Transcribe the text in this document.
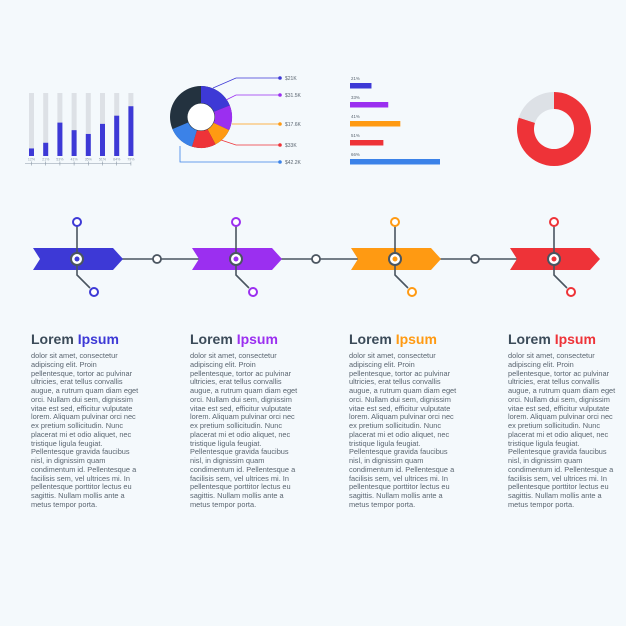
12% 21% 53% 41% 35% 51% 64% 79%
$21K
$31.5K
$17.6K
$33K
$42.2K
21%
33%
41%
51%
66%
Lorem Ipsum

dolor sit amet, consectetur adipiscing elit. Proin pellentesque, tortor ac pulvinar ultricies, erat tellus convallis augue, a rutrum quam diam eget orci. Nullam dui sem, dignissim vitae est sed, efficitur vulputate lorem. Aliquam pulvinar orci nec ex pretium sollicitudin. Nunc placerat mi et odio aliquet, nec tristique ligula feugiat. Pellentesque gravida faucibus nisl, in dignissim quam condimentum id. Pellentesque a facilisis sem, vel ultrices mi. In pellentesque porttitor lectus eu sagittis. Nullam mollis ante a metus tempor porta.

Lorem Ipsum

dolor sit amet, consectetur adipiscing elit. Proin pellentesque, tortor ac pulvinar ultricies, erat tellus convallis augue, a rutrum quam diam eget orci. Nullam dui sem, dignissim vitae est sed, efficitur vulputate lorem. Aliquam pulvinar orci nec ex pretium sollicitudin. Nunc placerat mi et odio aliquet, nec tristique ligula feugiat. Pellentesque gravida faucibus nisl, in dignissim quam condimentum id. Pellentesque a facilisis sem, vel ultrices mi. In pellentesque porttitor lectus eu sagittis. Nullam mollis ante a metus tempor porta.

Lorem Ipsum

dolor sit amet, consectetur adipiscing elit. Proin pellentesque, tortor ac pulvinar ultricies, erat tellus convallis augue, a rutrum quam diam eget orci. Nullam dui sem, dignissim vitae est sed, efficitur vulputate lorem. Aliquam pulvinar orci nec ex pretium sollicitudin. Nunc placerat mi et odio aliquet, nec tristique ligula feugiat. Pellentesque gravida faucibus nisl, in dignissim quam condimentum id. Pellentesque a facilisis sem, vel ultrices mi. In pellentesque porttitor lectus eu sagittis. Nullam mollis ante a metus tempor porta.

Lorem Ipsum

dolor sit amet, consectetur adipiscing elit. Proin pellentesque, tortor ac pulvinar ultricies, erat tellus convallis augue, a rutrum quam diam eget orci. Nullam dui sem, dignissim vitae est sed, efficitur vulputate lorem. Aliquam pulvinar orci nec ex pretium sollicitudin. Nunc placerat mi et odio aliquet, nec tristique ligula feugiat. Pellentesque gravida faucibus nisl, in dignissim quam condimentum id. Pellentesque a facilisis sem, vel ultrices mi. In pellentesque porttitor lectus eu sagittis. Nullam mollis ante a metus tempor porta.
